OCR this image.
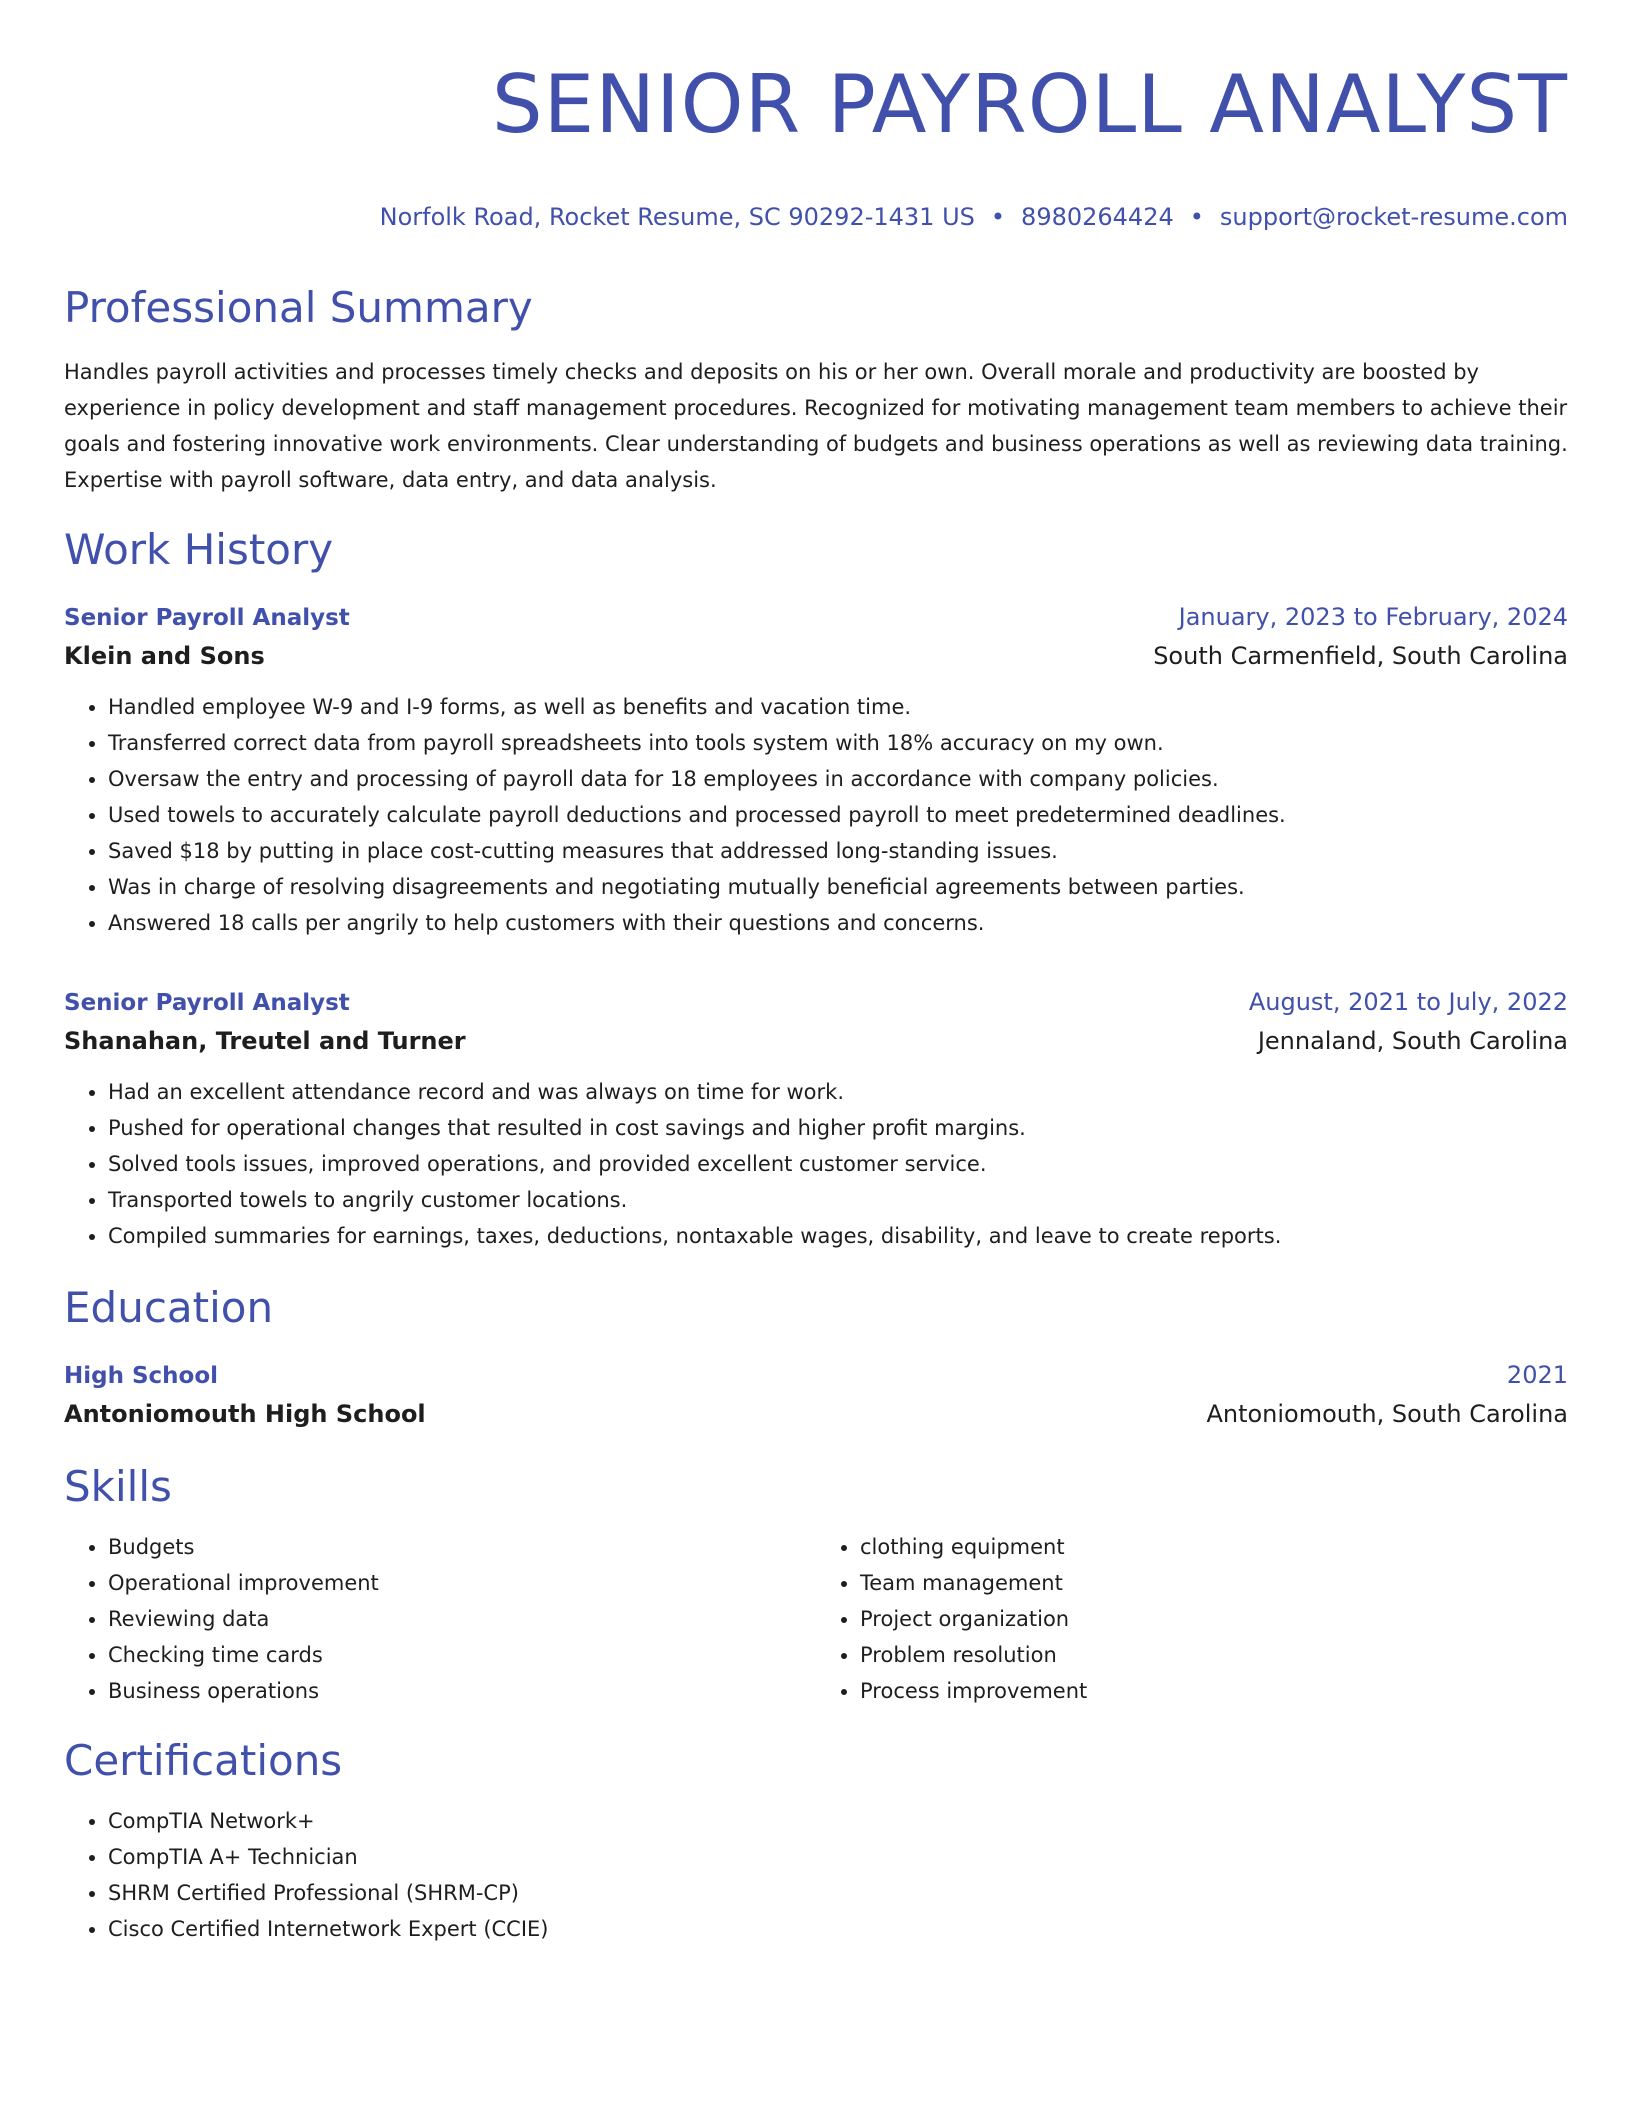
SENIOR PAYROLL ANALYST
Norfolk Road, Rocket Resume, SC 90292-1431 US • 8980264424 • support@rocket-resume.com
Professional Summary

Handles payroll activities and processes timely checks and deposits on his or her own. Overall morale and productivity are boosted by experience in policy development and staff management procedures. Recognized for motivating management team members to achieve their goals and fostering innovative work environments. Clear understanding of budgets and business operations as well as reviewing data training. Expertise with payroll software, data entry, and data analysis.

Work History
Senior Payroll Analyst	January, 2023 to February, 2024
Klein and Sons	South Carmenfield, South Carolina
• Handled employee W-9 and I-9 forms, as well as benefits and vacation time.
• Transferred correct data from payroll spreadsheets into tools system with 18% accuracy on my own.
• Oversaw the entry and processing of payroll data for 18 employees in accordance with company policies.
• Used towels to accurately calculate payroll deductions and processed payroll to meet predetermined deadlines.
• Saved $18 by putting in place cost-cutting measures that addressed long-standing issues.
• Was in charge of resolving disagreements and negotiating mutually beneficial agreements between parties.
• Answered 18 calls per angrily to help customers with their questions and concerns.
Senior Payroll Analyst	August, 2021 to July, 2022
Shanahan, Treutel and Turner	Jennaland, South Carolina
• Had an excellent attendance record and was always on time for work.
• Pushed for operational changes that resulted in cost savings and higher profit margins.
• Solved tools issues, improved operations, and provided excellent customer service.
• Transported towels to angrily customer locations.
• Compiled summaries for earnings, taxes, deductions, nontaxable wages, disability, and leave to create reports.
Education
High School	2021
Antoniomouth High School	Antoniomouth, South Carolina
Skills
• Budgets
• Operational improvement
• Reviewing data
• Checking time cards
• Business operations
• clothing equipment
• Team management
• Project organization
• Problem resolution
• Process improvement
Certifications
• CompTIA Network+
• CompTIA A+ Technician
• SHRM Certified Professional (SHRM-CP)
• Cisco Certified Internetwork Expert (CCIE)
